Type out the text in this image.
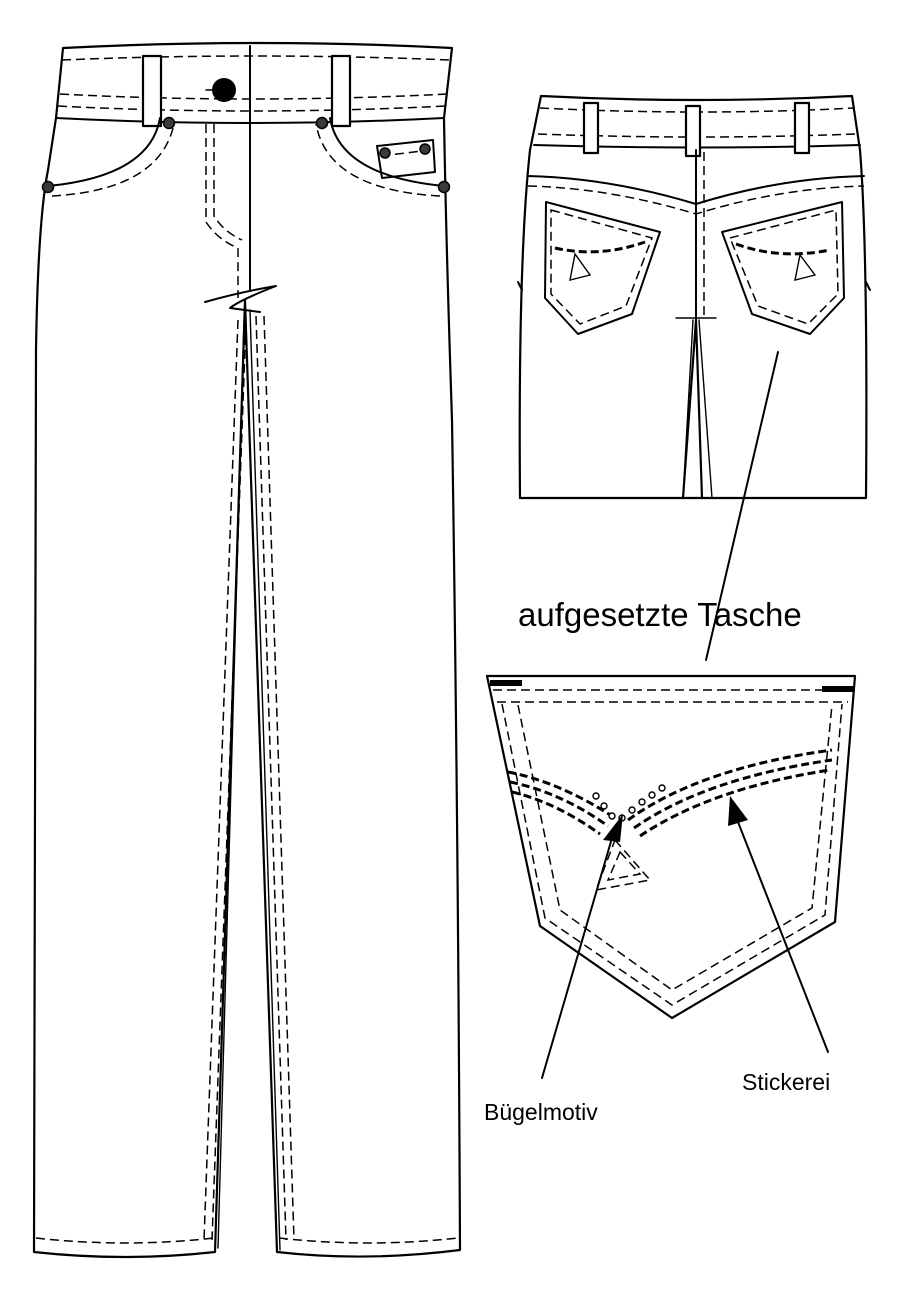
aufgesetzte Tasche
Bügelmotiv
Stickerei
